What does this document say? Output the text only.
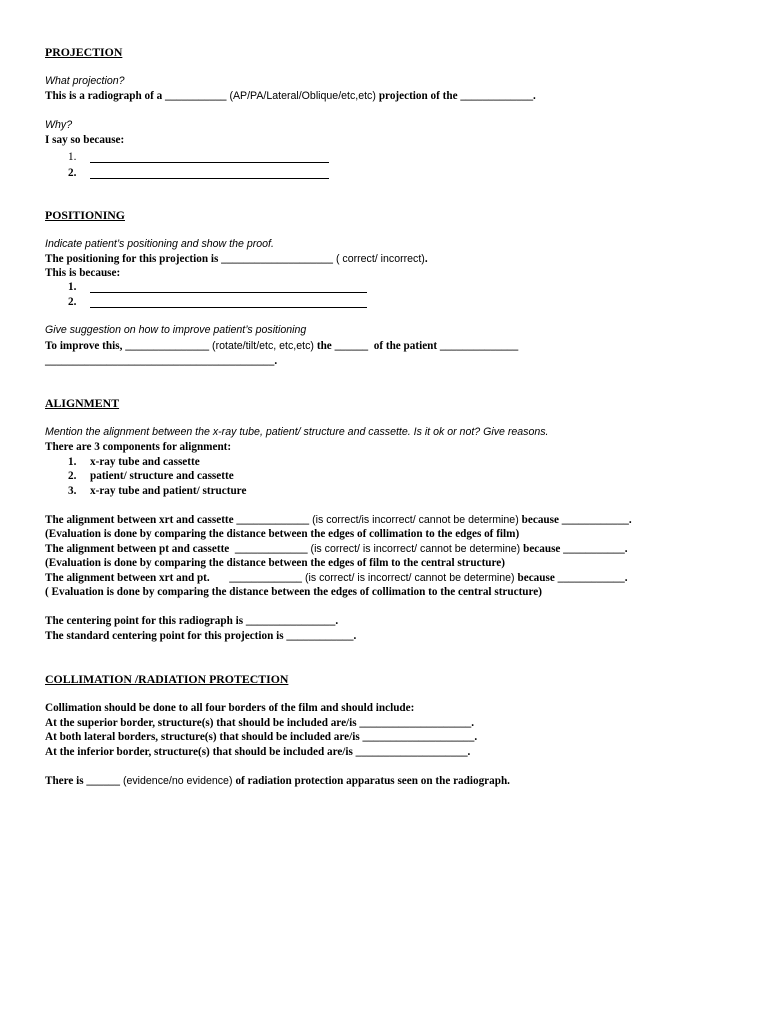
PROJECTION
What projection?
This is a radiograph of a ___________ (AP/PA/Lateral/Oblique/etc,etc) projection of the _____________.
Why?
I say so because:
1.
2.
POSITIONING
Indicate patient’s positioning and show the proof.
The positioning for this projection is ____________________ ( correct/ incorrect).
This is because:
1.
2.
Give suggestion on how to improve patient’s positioning
To improve this, _______________ (rotate/tilt/etc, etc,etc) the ______  of the patient ______________
_________________________________________.
ALIGNMENT
Mention the alignment between the x-ray tube, patient/ structure and cassette. Is it ok or not? Give reasons.
There are 3 components for alignment:
1. x-ray tube and cassette
2. patient/ structure and cassette
3. x-ray tube and patient/ structure
The alignment between xrt and cassette _____________ (is correct/is incorrect/ cannot be determine) because ____________.
(Evaluation is done by comparing the distance between the edges of collimation to the edges of film)
The alignment between pt and cassette  _____________ (is correct/ is incorrect/ cannot be determine) because ___________.
(Evaluation is done by comparing the distance between the edges of film to the central structure)
The alignment between xrt and pt.       _____________ (is correct/ is incorrect/ cannot be determine) because ____________.
( Evaluation is done by comparing the distance between the edges of collimation to the central structure)
The centering point for this radiograph is ________________.
The standard centering point for this projection is ____________.
COLLIMATION /RADIATION PROTECTION
Collimation should be done to all four borders of the film and should include:
At the superior border, structure(s) that should be included are/is ____________________.
At both lateral borders, structure(s) that should be included are/is ____________________.
At the inferior border, structure(s) that should be included are/is ____________________.
There is ______ (evidence/no evidence) of radiation protection apparatus seen on the radiograph.
